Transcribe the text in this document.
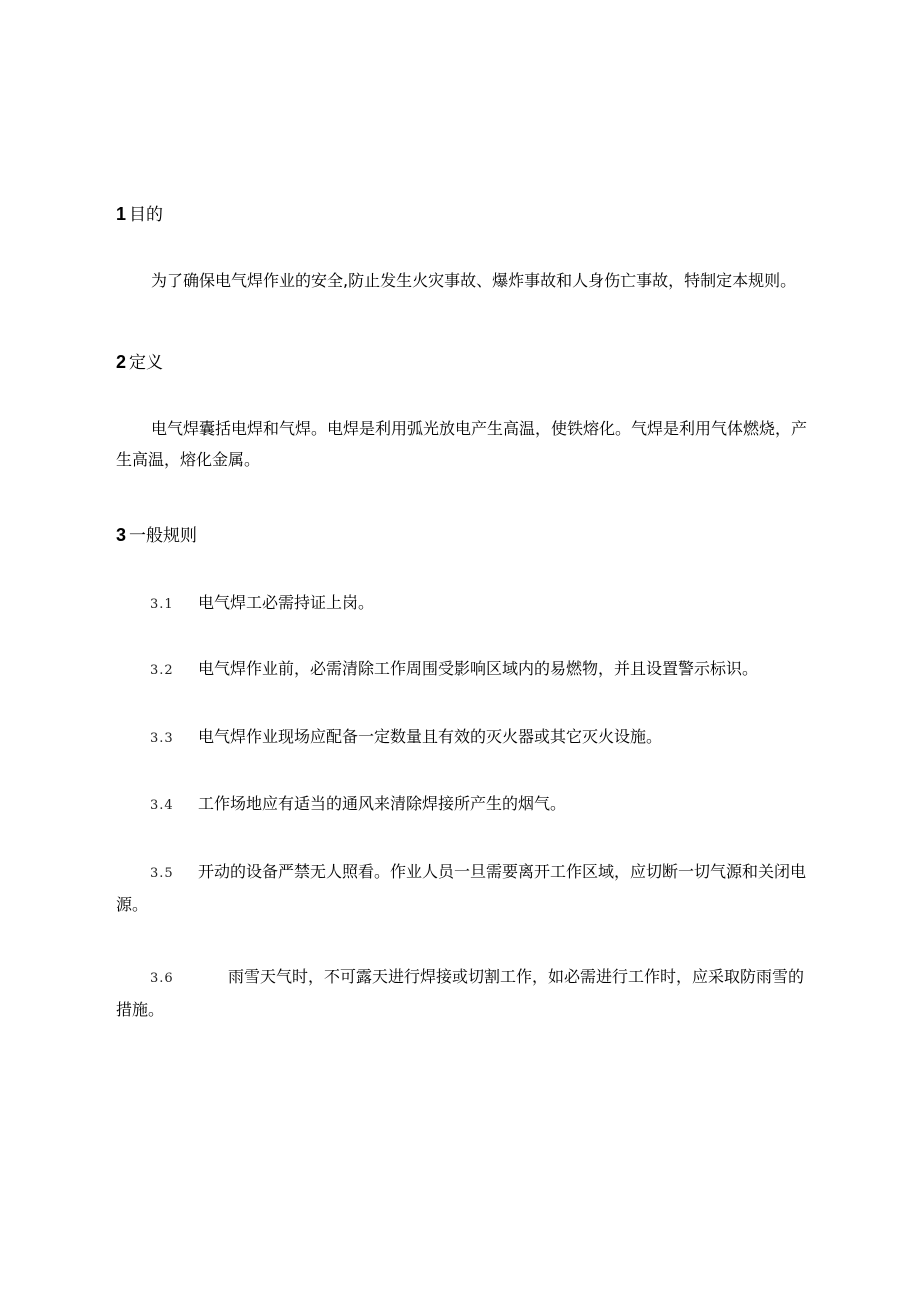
1 目的
为了确保电气焊作业的安全,防止发生火灾事故、爆炸事故和人身伤亡事故，特制定本规则。
2 定义
电气焊囊括电焊和气焊。电焊是利用弧光放电产生高温，使铁熔化。气焊是利用气体燃烧，产生高温，熔化金属。
3 一般规则
3.1 电气焊工必需持证上岗。
3.2 电气焊作业前，必需清除工作周围受影响区域内的易燃物，并且设置警示标识。
3.3 电气焊作业现场应配备一定数量且有效的灭火器或其它灭火设施。
3.4 工作场地应有适当的通风来清除焊接所产生的烟气。
3.5 开动的设备严禁无人照看。作业人员一旦需要离开工作区域，应切断一切气源和关闭电源。
3.6	雨雪天气时，不可露天进行焊接或切割工作，如必需进行工作时，应采取防雨雪的措施。
